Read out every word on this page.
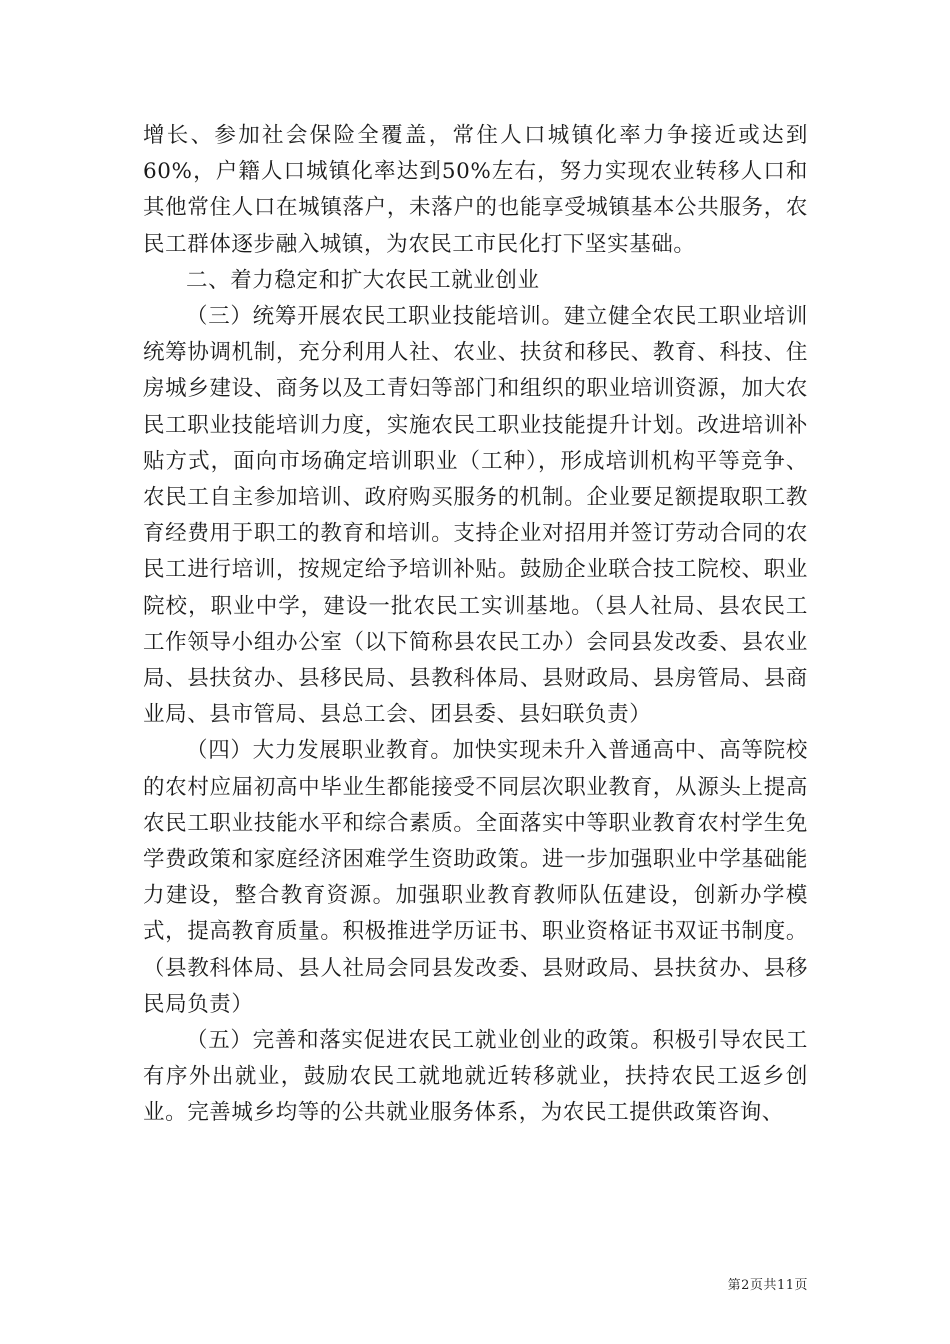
增长、参加社会保险全覆盖，常住人口城镇化率力争接近或达到60%，户籍人口城镇化率达到50%左右，努力实现农业转移人口和其他常住人口在城镇落户，未落户的也能享受城镇基本公共服务，农民工群体逐步融入城镇，为农民工市民化打下坚实基础。

二、着力稳定和扩大农民工就业创业

（三）统筹开展农民工职业技能培训。建立健全农民工职业培训统筹协调机制，充分利用人社、农业、扶贫和移民、教育、科技、住房城乡建设、商务以及工青妇等部门和组织的职业培训资源，加大农民工职业技能培训力度，实施农民工职业技能提升计划。改进培训补贴方式，面向市场确定培训职业（工种），形成培训机构平等竞争、农民工自主参加培训、政府购买服务的机制。企业要足额提取职工教育经费用于职工的教育和培训。支持企业对招用并签订劳动合同的农民工进行培训，按规定给予培训补贴。鼓励企业联合技工院校、职业院校，职业中学，建设一批农民工实训基地。（县人社局、县农民工工作领导小组办公室（以下简称县农民工办）会同县发改委、县农业局、县扶贫办、县移民局、县教科体局、县财政局、县房管局、县商业局、县市管局、县总工会、团县委、县妇联负责）

（四）大力发展职业教育。加快实现未升入普通高中、高等院校的农村应届初高中毕业生都能接受不同层次职业教育，从源头上提高农民工职业技能水平和综合素质。全面落实中等职业教育农村学生免学费政策和家庭经济困难学生资助政策。进一步加强职业中学基础能力建设，整合教育资源。加强职业教育教师队伍建设，创新办学模式，提高教育质量。积极推进学历证书、职业资格证书双证书制度。（县教科体局、县人社局会同县发改委、县财政局、县扶贫办、县移民局负责）

（五）完善和落实促进农民工就业创业的政策。积极引导农民工有序外出就业，鼓励农民工就地就近转移就业，扶持农民工返乡创业。完善城乡均等的公共就业服务体系，为农民工提供政策咨询、

第2页共11页
